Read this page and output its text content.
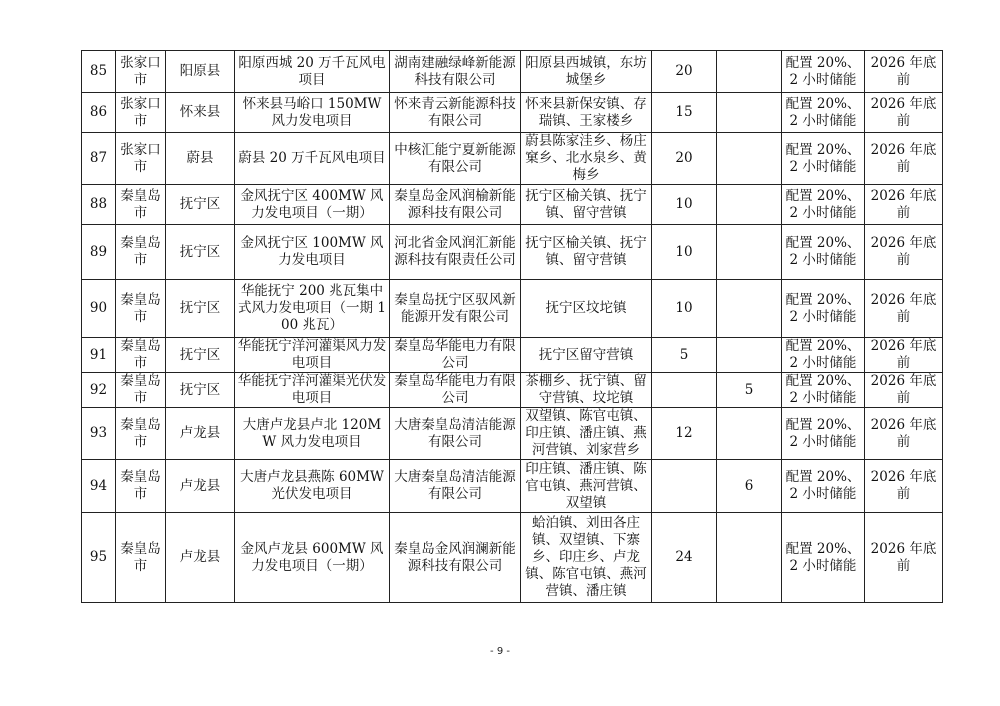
85	张家口市	阳原县	阳原西城 20 万千瓦风电项目	湖南建融绿峰新能源科技有限公司	阳原县西城镇，东坊城堡乡	20		配置 20%、2 小时储能	2026 年底前
86	张家口市	怀来县	怀来县马峪口 150MW 风力发电项目	怀来青云新能源科技有限公司	怀来县新保安镇、存瑞镇、王家楼乡	15		配置 20%、2 小时储能	2026 年底前
87	张家口市	蔚县	蔚县 20 万千瓦风电项目	中核汇能宁夏新能源有限公司	蔚县陈家洼乡、杨庄窠乡、北水泉乡、黄梅乡	20		配置 20%、2 小时储能	2026 年底前
88	秦皇岛市	抚宁区	金风抚宁区 400MW 风力发电项目（一期）	秦皇岛金风润榆新能源科技有限公司	抚宁区榆关镇、抚宁镇、留守营镇	10		配置 20%、2 小时储能	2026 年底前
89	秦皇岛市	抚宁区	金风抚宁区 100MW 风力发电项目	河北省金风润汇新能源科技有限责任公司	抚宁区榆关镇、抚宁镇、留守营镇	10		配置 20%、2 小时储能	2026 年底前
90	秦皇岛市	抚宁区	华能抚宁 200 兆瓦集中式风力发电项目（一期 100 兆瓦）	秦皇岛抚宁区驭风新能源开发有限公司	抚宁区坟坨镇	10		配置 20%、2 小时储能	2026 年底前
91	秦皇岛市	抚宁区	华能抚宁洋河灌渠风力发电项目	秦皇岛华能电力有限公司	抚宁区留守营镇	5		配置 20%、2 小时储能	2026 年底前
92	秦皇岛市	抚宁区	华能抚宁洋河灌渠光伏发电项目	秦皇岛华能电力有限公司	茶棚乡、抚宁镇、留守营镇、坟坨镇		5	配置 20%、2 小时储能	2026 年底前
93	秦皇岛市	卢龙县	大唐卢龙县卢北 120MW 风力发电项目	大唐秦皇岛清洁能源有限公司	双望镇、陈官屯镇、印庄镇、潘庄镇、燕河营镇、刘家营乡	12		配置 20%、2 小时储能	2026 年底前
94	秦皇岛市	卢龙县	大唐卢龙县燕陈 60MW 光伏发电项目	大唐秦皇岛清洁能源有限公司	印庄镇、潘庄镇、陈官屯镇、燕河营镇、双望镇		6	配置 20%、2 小时储能	2026 年底前
95	秦皇岛市	卢龙县	金风卢龙县 600MW 风力发电项目（一期）	秦皇岛金风润澜新能源科技有限公司	蛤泊镇、刘田各庄镇、双望镇、下寨乡、印庄乡、卢龙镇、陈官屯镇、燕河营镇、潘庄镇	24		配置 20%、2 小时储能	2026 年底前
- 9 -
